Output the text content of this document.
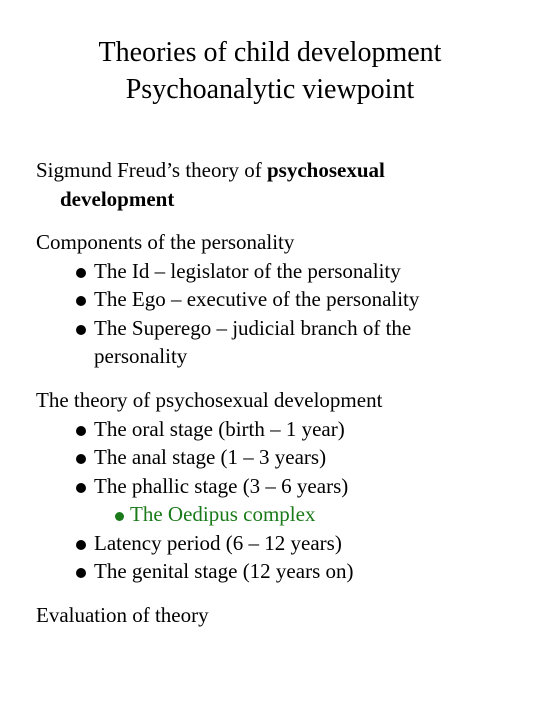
Theories of child development
Psychoanalytic viewpoint
Sigmund Freud’s theory of psychosexual
development
Components of the personality
The Id – legislator of the personality
The Ego – executive of the personality
The Superego – judicial branch of the
personality
The theory of psychosexual development
The oral stage (birth – 1 year)
The anal stage (1 – 3 years)
The phallic stage (3 – 6 years)
The Oedipus complex
Latency period (6 – 12 years)
The genital stage (12 years on)
Evaluation of theory
